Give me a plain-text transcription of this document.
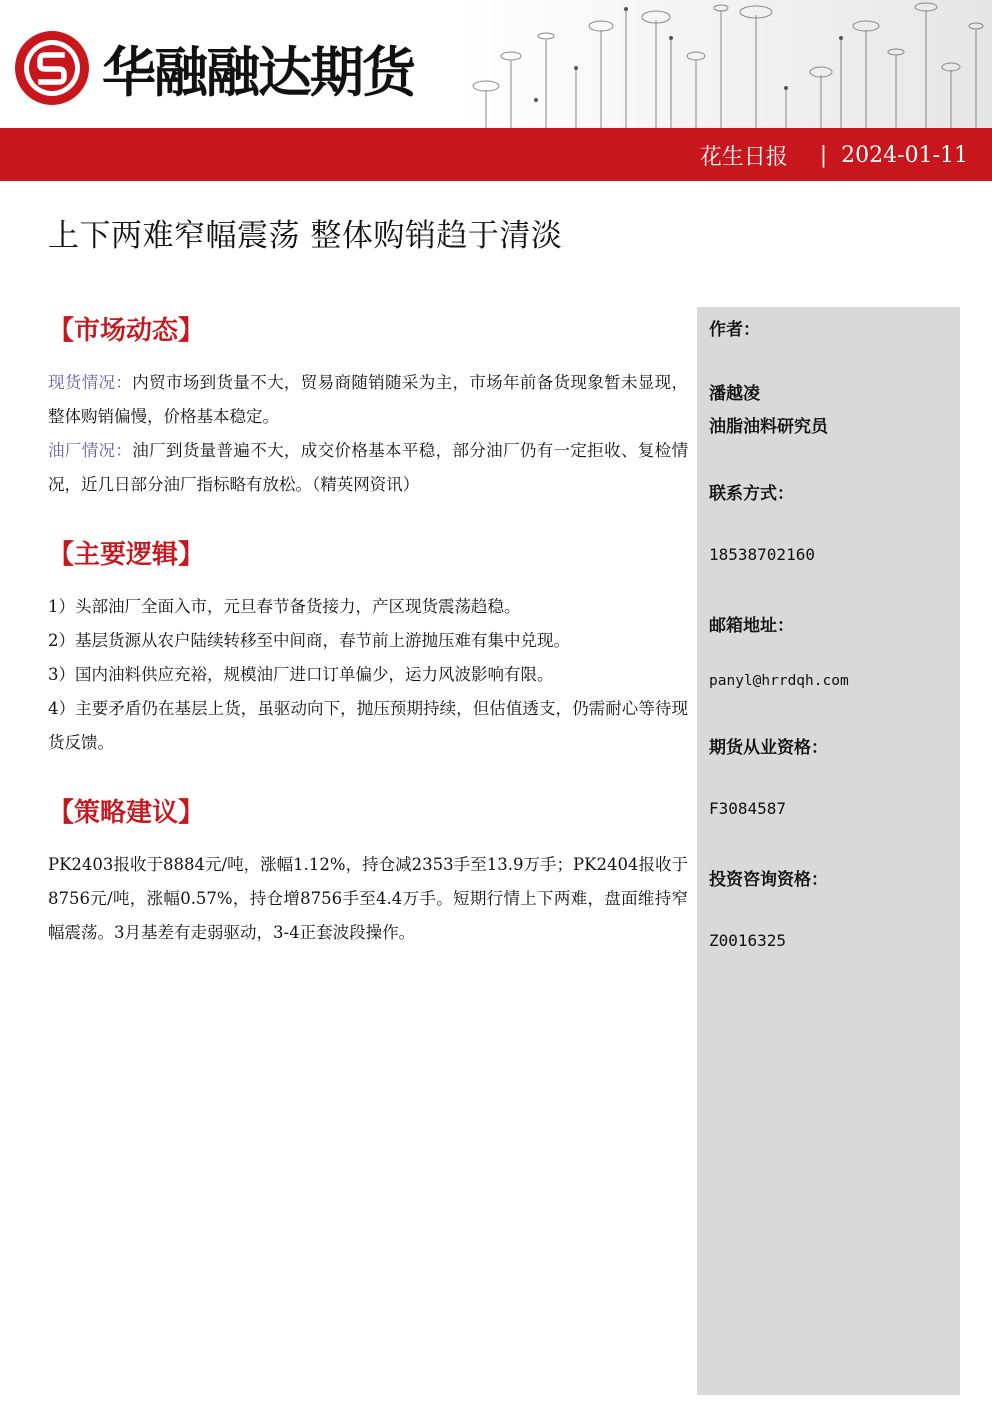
华融融达期货
花生日报 | 2024-01-11
上下两难窄幅震荡 整体购销趋于清淡
【市场动态】

现货情况：内贸市场到货量不大，贸易商随销随采为主，市场年前备货现象暂未显现，整体购销偏慢，价格基本稳定。

油厂情况：油厂到货量普遍不大，成交价格基本平稳，部分油厂仍有一定拒收、复检情况，近几日部分油厂指标略有放松。（精英网资讯）

【主要逻辑】

1）头部油厂全面入市，元旦春节备货接力，产区现货震荡趋稳。

2）基层货源从农户陆续转移至中间商，春节前上游抛压难有集中兑现。

3）国内油料供应充裕，规模油厂进口订单偏少，运力风波影响有限。

4）主要矛盾仍在基层上货，虽驱动向下，抛压预期持续，但估值透支，仍需耐心等待现货反馈。

【策略建议】

PK2403报收于8884元/吨，涨幅1.12%，持仓减2353手至13.9万手；PK2404报收于8756元/吨，涨幅0.57%，持仓增8756手至4.4万手。短期行情上下两难，盘面维持窄幅震荡。3月基差有走弱驱动，3-4正套波段操作。

作者：
潘越凌
油脂油料研究员
联系方式：
18538702160
邮箱地址：
panyl@hrrdqh.com
期货从业资格：
F3084587
投资咨询资格：
Z0016325
